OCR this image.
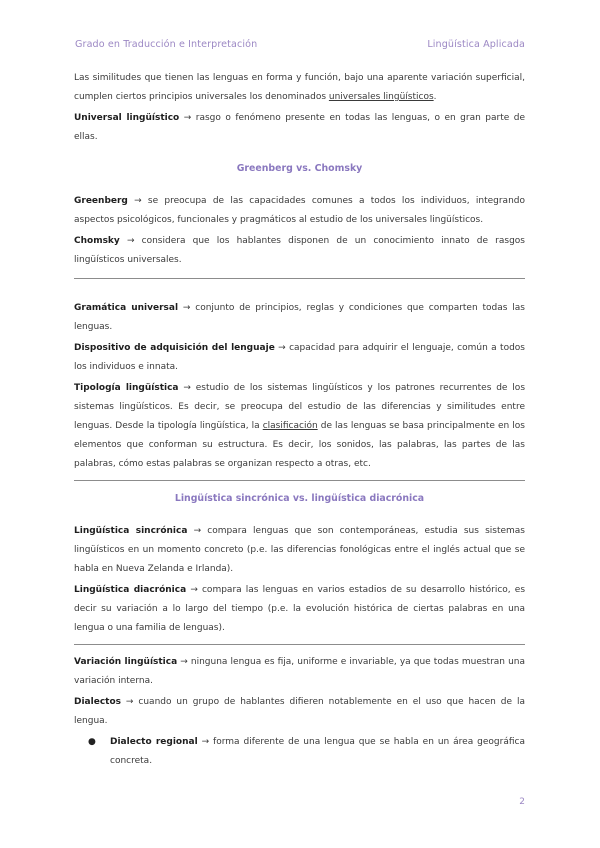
Grado en Traducción e Interpretación	Lingüística Aplicada

Las similitudes que tienen las lenguas en forma y función, bajo una aparente variación superficial, cumplen ciertos principios universales los denominados universales lingüísticos.

Universal lingüístico → rasgo o fenómeno presente en todas las lenguas, o en gran parte de ellas.

Greenberg vs. Chomsky

Greenberg → se preocupa de las capacidades comunes a todos los individuos, integrando aspectos psicológicos, funcionales y pragmáticos al estudio de los universales lingüísticos.

Chomsky → considera que los hablantes disponen de un conocimiento innato de rasgos lingüísticos universales.

Gramática universal → conjunto de principios, reglas y condiciones que comparten todas las lenguas.

Dispositivo de adquisición del lenguaje → capacidad para adquirir el lenguaje, común a todos los individuos e innata.

Tipología lingüística → estudio de los sistemas lingüísticos y los patrones recurrentes de los sistemas lingüísticos. Es decir, se preocupa del estudio de las diferencias y similitudes entre lenguas. Desde la tipología lingüística, la clasificación de las lenguas se basa principalmente en los elementos que conforman su estructura. Es decir, los sonidos, las palabras, las partes de las palabras, cómo estas palabras se organizan respecto a otras, etc.

Lingüística sincrónica vs. lingüística diacrónica

Lingüística sincrónica → compara lenguas que son contemporáneas, estudia sus sistemas lingüísticos en un momento concreto (p.e. las diferencias fonológicas entre el inglés actual que se habla en Nueva Zelanda e Irlanda).

Lingüística diacrónica → compara las lenguas en varios estadios de su desarrollo histórico, es decir su variación a lo largo del tiempo (p.e. la evolución histórica de ciertas palabras en una lengua o una familia de lenguas).

Variación lingüística → ninguna lengua es fija, uniforme e invariable, ya que todas muestran una variación interna.

Dialectos → cuando un grupo de hablantes difieren notablemente en el uso que hacen de la lengua.

● Dialecto regional → forma diferente de una lengua que se habla en un área geográfica concreta.

2
